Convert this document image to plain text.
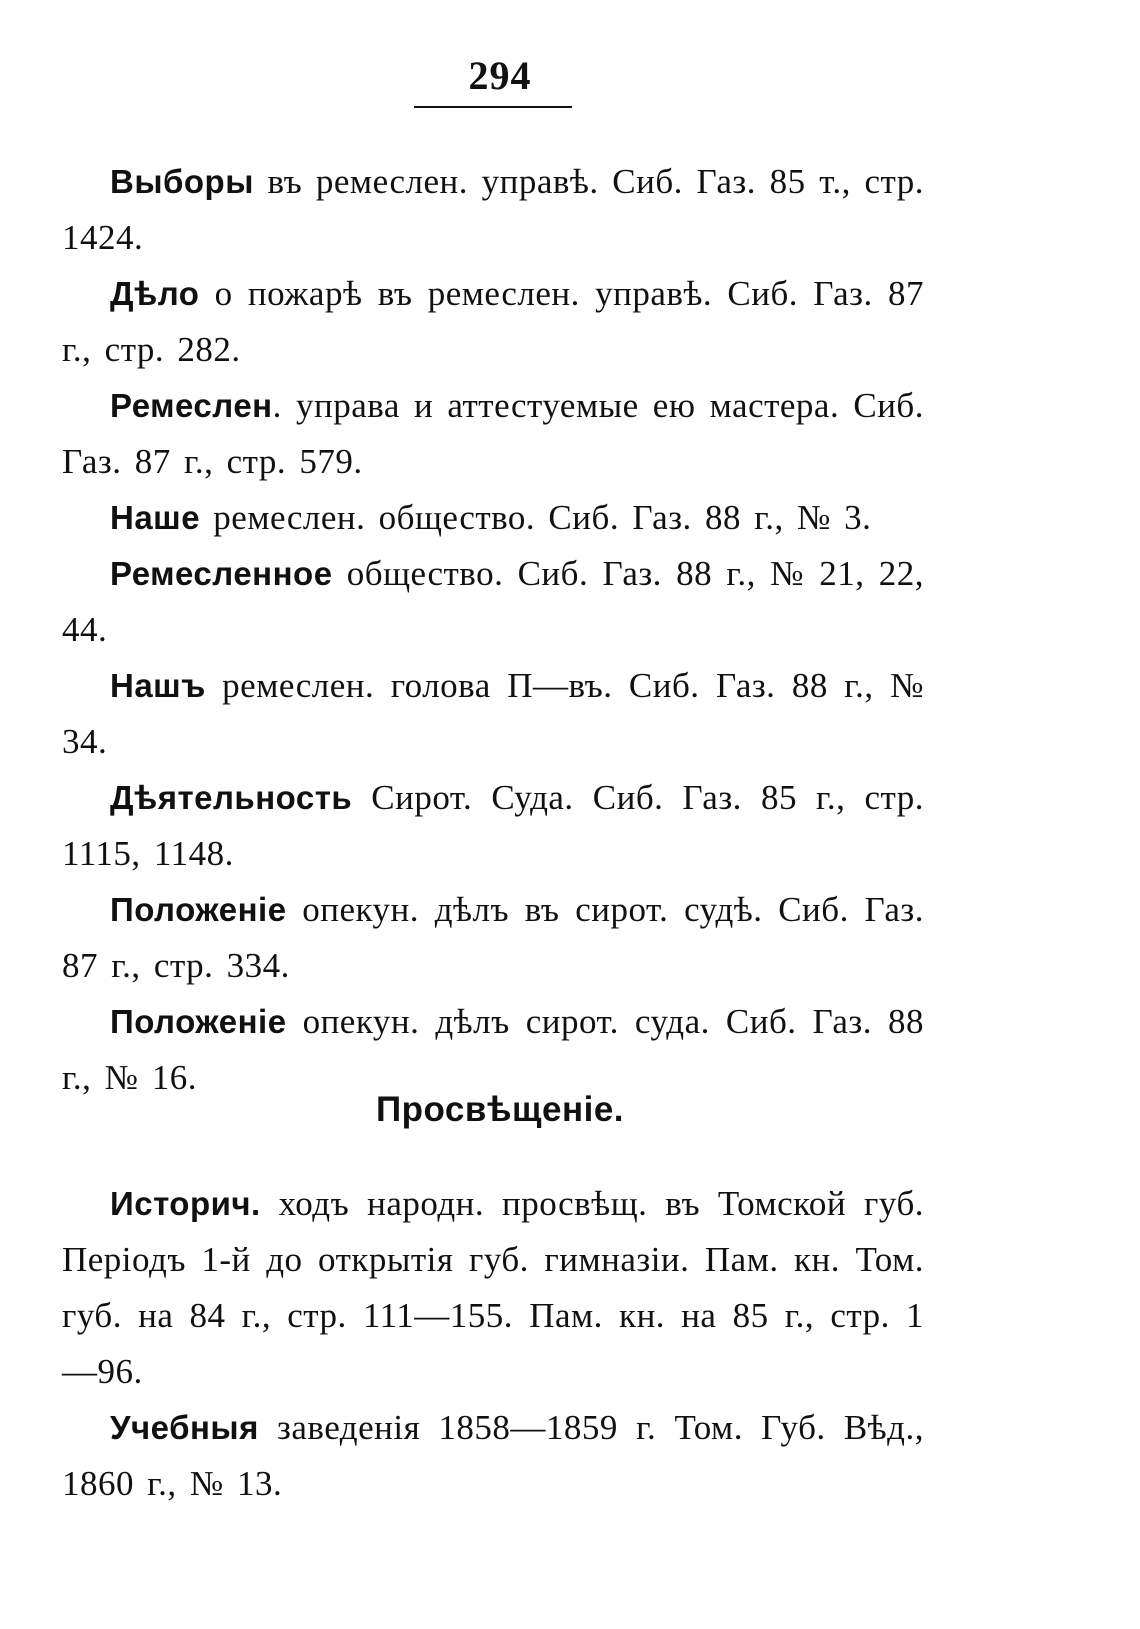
294

Выборы въ ремеслен. управѣ. Сиб. Газ. 85 т., стр. 1424.

Дѣло о пожарѣ въ ремеслен. управѣ. Сиб. Газ. 87 г., стр. 282.

Ремеслен. управа и аттестуемые ею мастера. Сиб. Газ. 87 г., стр. 579.

Наше ремеслен. общество. Сиб. Газ. 88 г., № 3.

Ремесленное общество. Сиб. Газ. 88 г., № 21, 22, 44.

Нашъ ремеслен. голова П—въ. Сиб. Газ. 88 г., № 34.

Дѣятельность Сирот. Суда. Сиб. Газ. 85 г., стр. 1115, 1148.

Положеніе опекун. дѣлъ въ сирот. судѣ. Сиб. Газ. 87 г., стр. 334.

Положеніе опекун. дѣлъ сирот. суда. Сиб. Газ. 88 г., № 16.

Просвѣщеніе.

Историч. ходъ народн. просвѣщ. въ Томской губ. Періодъ 1-й до открытія губ. гимназіи. Пам. кн. Том. губ. на 84 г., стр. 111—155. Пам. кн. на 85 г., стр. 1—96.

Учебныя заведенія 1858—1859 г. Том. Губ. Вѣд., 1860 г., № 13.
